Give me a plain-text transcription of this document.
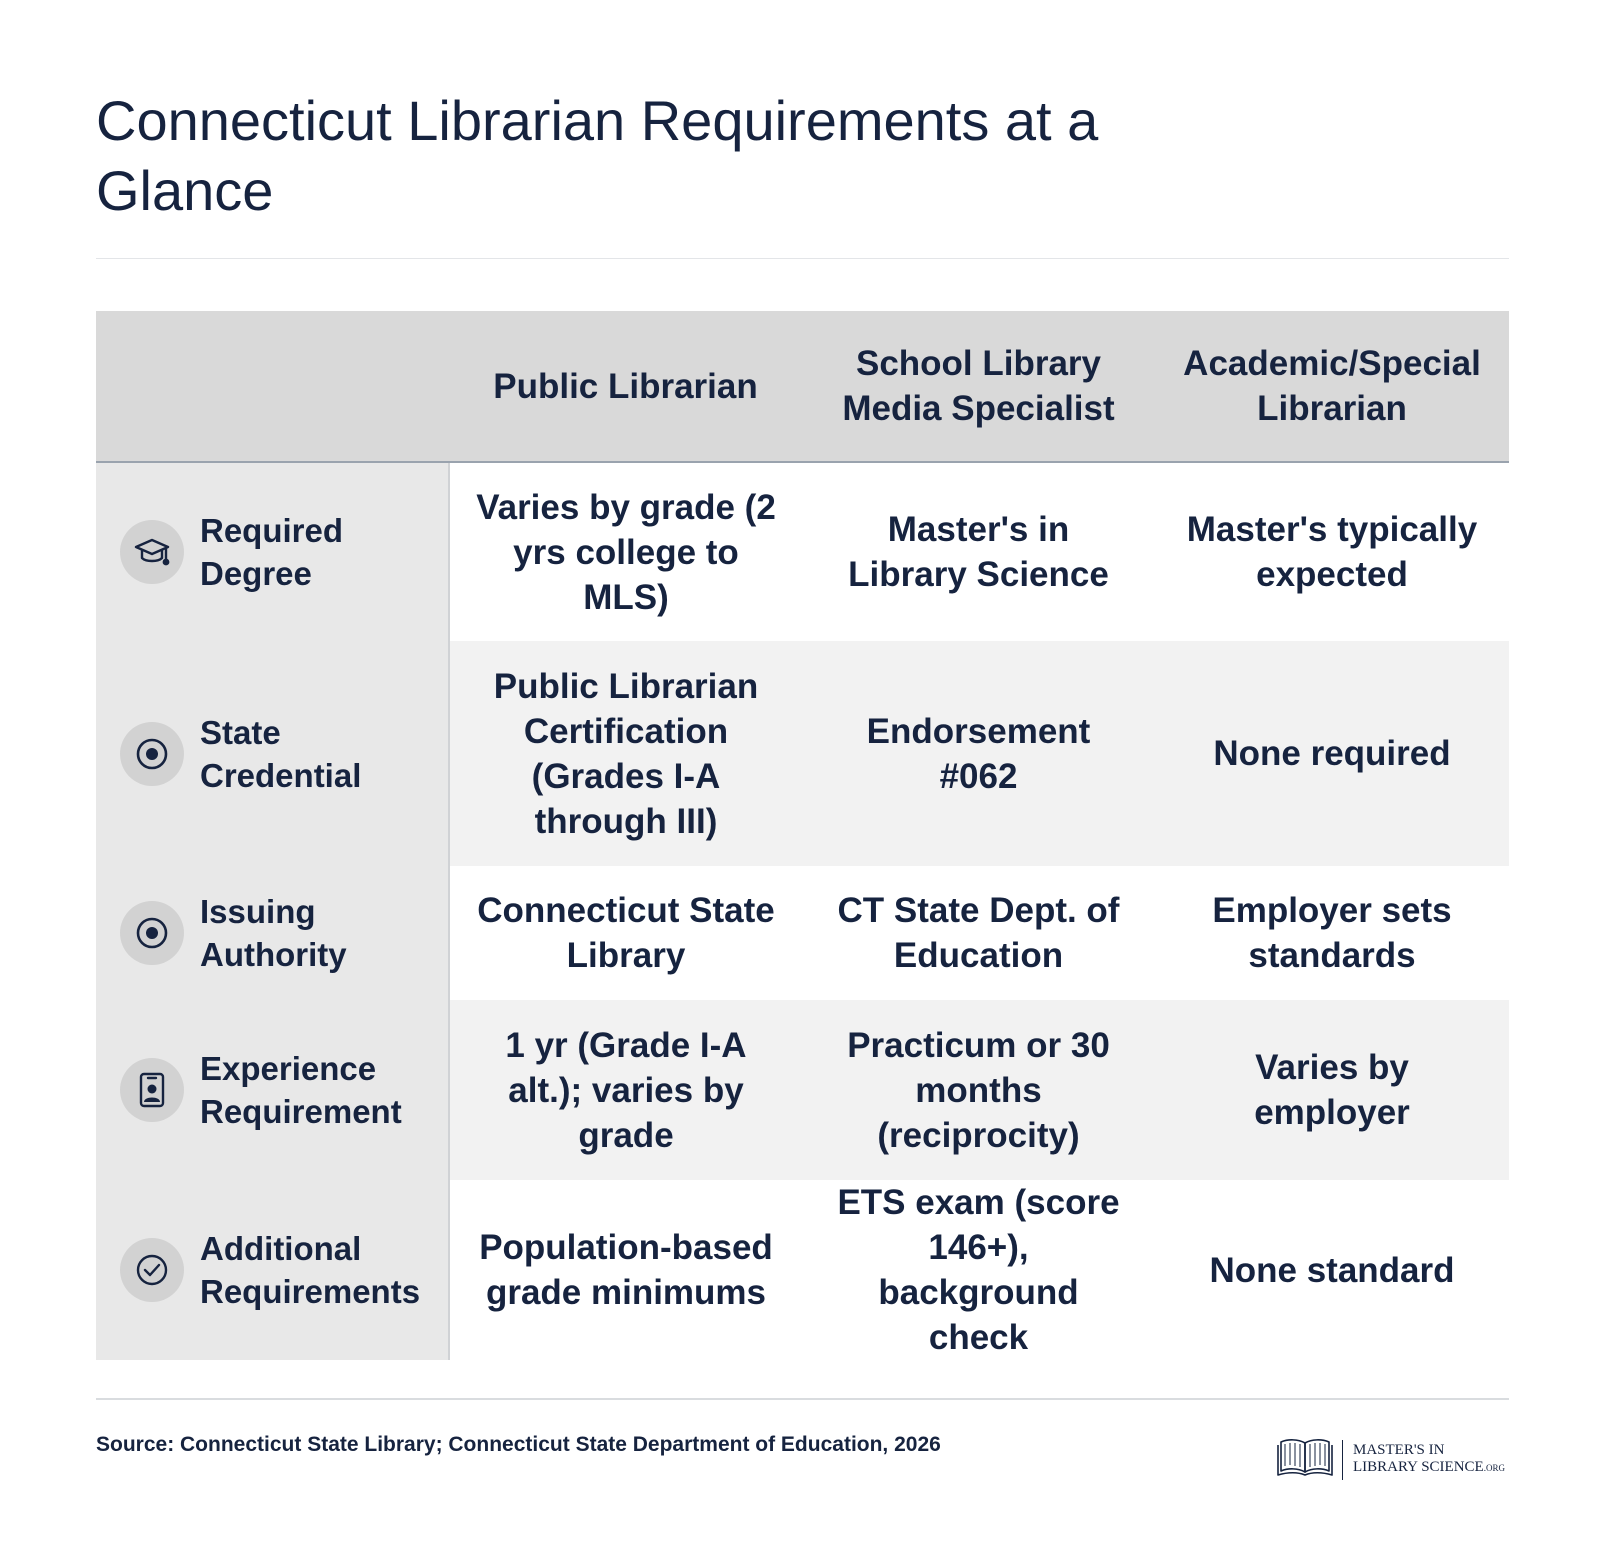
Connecticut Librarian Requirements at a Glance
	Public Librarian	School Library Media Specialist	Academic/Special Librarian

Required Degree	Varies by grade (2 yrs college to MLS)	Master's in Library Science	Master's typically expected

State Credential	Public Librarian Certification (Grades I-A through III)	Endorsement #062	None required

Issuing Authority	Connecticut State Library	CT State Dept. of Education	Employer sets standards

Experience Requirement	1 yr (Grade I-A alt.); varies by grade	Practicum or 30 months (reciprocity)	Varies by employer

Additional Requirements	Population-based grade minimums	ETS exam (score 146+), background check	None standard
Source: Connecticut State Library; Connecticut State Department of Education, 2026	MASTER'S IN
LIBRARY SCIENCE.ORG
